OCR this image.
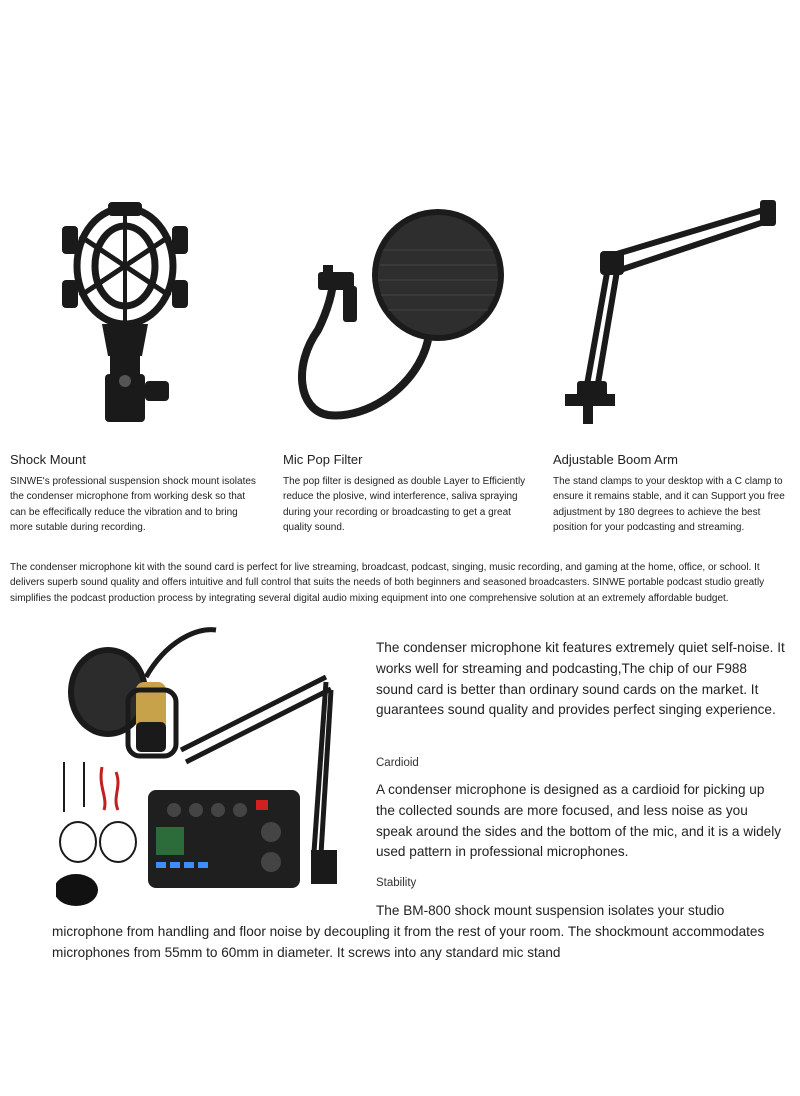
Shock Mount
SINWE's professional suspension shock mount isolates the condenser microphone from working desk so that can be effecifically reduce the vibration and to bring more sutable during recording.
Mic Pop Filter
The pop filter is designed as double Layer to Efficiently reduce the plosive, wind interference, saliva spraying during your recording or broadcasting to get a great quality sound.
Adjustable Boom Arm
The stand clamps to your desktop with a C clamp to ensure it remains stable, and it can Support you free adjustment by 180 degrees to achieve the best position for your podcasting and streaming.
The condenser microphone kit with the sound card is perfect for live streaming, broadcast, podcast, singing, music recording, and gaming at the home, office, or school. It delivers superb sound quality and offers intuitive and full control that suits the needs of both beginners and seasoned broadcasters. SINWE portable podcast studio greatly simplifies the podcast production process by integrating several digital audio mixing equipment into one comprehensive solution at an extremely affordable budget.
The condenser microphone kit features extremely quiet self-noise. It works well for streaming and podcasting,The chip of our F988 sound card is better than ordinary sound cards on the market. It guarantees sound quality and provides perfect singing experience.
Cardioid
A condenser microphone is designed as a cardioid for picking up the collected sounds are more focused, and less noise as you speak around the sides and the bottom of the mic, and it is a widely used pattern in professional microphones.
Stability
The BM-800 shock mount suspension isolates your studio
microphone from handling and floor noise by decoupling it from the rest of your room. The shockmount accommodates microphones from 55mm to 60mm in diameter. It screws into any standard mic stand
